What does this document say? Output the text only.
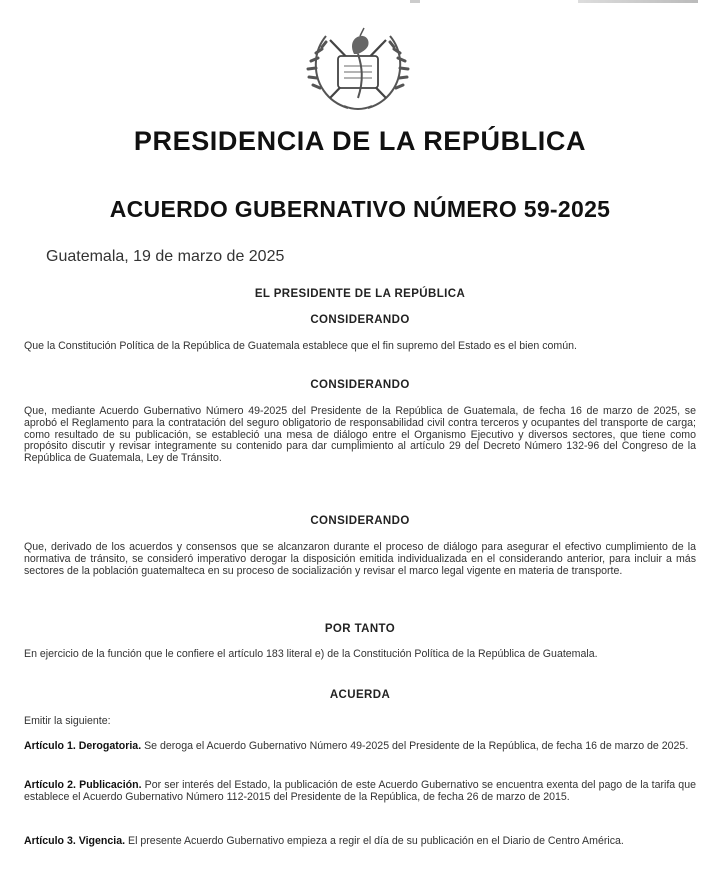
PRESIDENCIA DE LA REPÚBLICA
ACUERDO GUBERNATIVO NÚMERO 59-2025

Guatemala, 19 de marzo de 2025

EL PRESIDENTE DE LA REPÚBLICA

CONSIDERANDO

Que la Constitución Política de la República de Guatemala establece que el fin supremo del Estado es el bien común.

CONSIDERANDO

Que, mediante Acuerdo Gubernativo Número 49-2025 del Presidente de la República de Guatemala, de fecha 16 de marzo de 2025, se aprobó el Reglamento para la contratación del seguro obligatorio de responsabilidad civil contra terceros y ocupantes del transporte de carga; como resultado de su publicación, se estableció una mesa de diálogo entre el Organismo Ejecutivo y diversos sectores, que tiene como propósito discutir y revisar integramente su contenido para dar cumplimiento al artículo 29 del Decreto Número 132-96 del Congreso de la República de Guatemala, Ley de Tránsito.

CONSIDERANDO

Que, derivado de los acuerdos y consensos que se alcanzaron durante el proceso de diálogo para asegurar el efectivo cumplimiento de la normativa de tránsito, se consideró imperativo derogar la disposición emitida individualizada en el considerando anterior, para incluir a más sectores de la población guatemalteca en su proceso de socialización y revisar el marco legal vigente en materia de transporte.

POR TANTO

En ejercicio de la función que le confiere el artículo 183 literal e) de la Constitución Política de la República de Guatemala.

ACUERDA

Emitir la siguiente:

Artículo 1. Derogatoria. Se deroga el Acuerdo Gubernativo Número 49-2025 del Presidente de la República, de fecha 16 de marzo de 2025.

Artículo 2. Publicación. Por ser interés del Estado, la publicación de este Acuerdo Gubernativo se encuentra exenta del pago de la tarifa que establece el Acuerdo Gubernativo Número 112-2015 del Presidente de la República, de fecha 26 de marzo de 2015.

Artículo 3. Vigencia. El presente Acuerdo Gubernativo empieza a regir el día de su publicación en el Diario de Centro América.
